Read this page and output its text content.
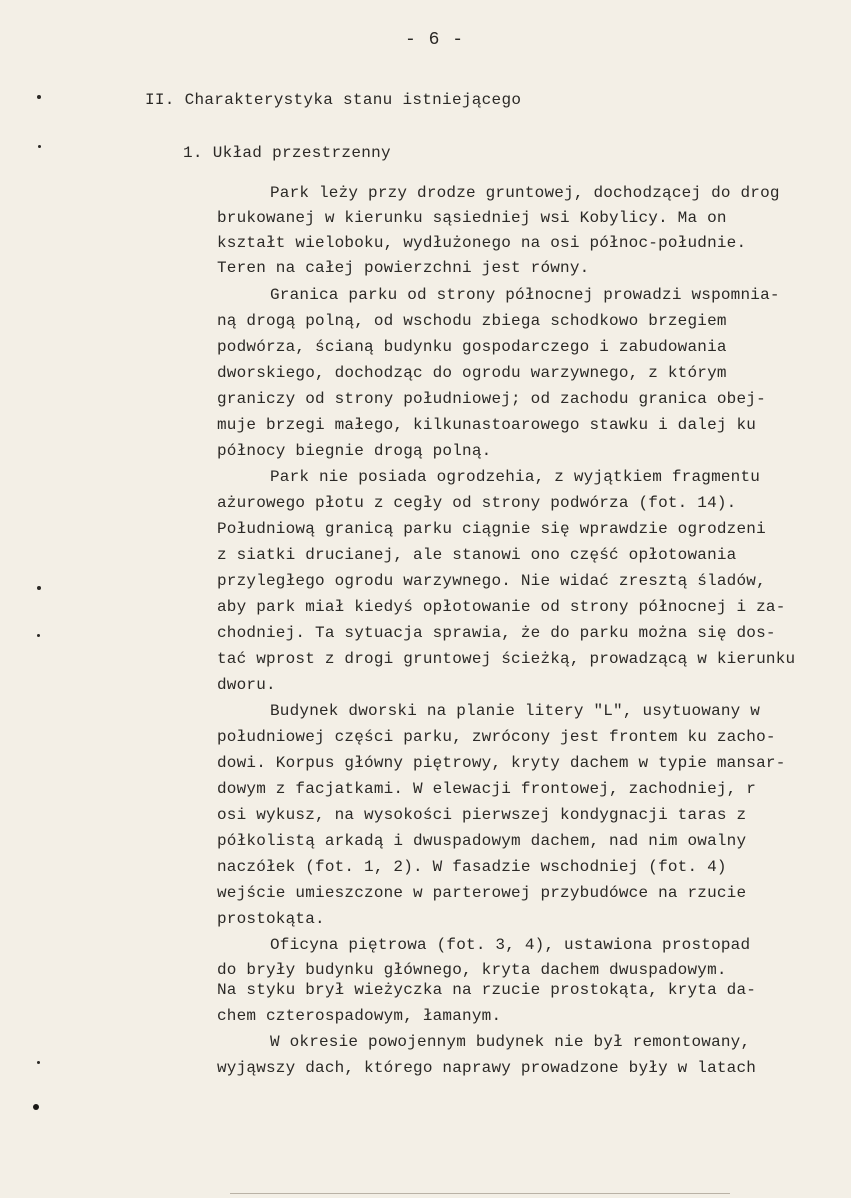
- 6 -
II. Charakterystyka stanu istniejącego
1. Układ przestrzenny
Park leży przy drodze gruntowej, dochodzącej do drog
brukowanej w kierunku sąsiedniej wsi Kobylicy. Ma on
kształt wieloboku, wydłużonego na osi północ-południe.
Teren na całej powierzchni jest równy.
Granica parku od strony północnej prowadzi wspomnia-
ną drogą polną, od wschodu zbiega schodkowo brzegiem
podwórza, ścianą budynku gospodarczego i zabudowania
dworskiego, dochodząc do ogrodu warzywnego, z którym
graniczy od strony południowej; od zachodu granica obej-
muje brzegi małego, kilkunastoarowego stawku i dalej ku
północy biegnie drogą polną.
Park nie posiada ogrodzehia, z wyjątkiem fragmentu
ażurowego płotu z cegły od strony podwórza (fot. 14).
Południową granicą parku ciągnie się wprawdzie ogrodzeni
z siatki drucianej, ale stanowi ono część opłotowania
przyległego ogrodu warzywnego. Nie widać zresztą śladów,
aby park miał kiedyś opłotowanie od strony północnej i za-
chodniej. Ta sytuacja sprawia, że do parku można się dos-
tać wprost z drogi gruntowej ścieżką, prowadzącą w kierunku
dworu.
Budynek dworski na planie litery "L", usytuowany w
południowej części parku, zwrócony jest frontem ku zacho-
dowi. Korpus główny piętrowy, kryty dachem w typie mansar-
dowym z facjatkami. W elewacji frontowej, zachodniej, r
osi wykusz, na wysokości pierwszej kondygnacji taras z
półkolistą arkadą i dwuspadowym dachem, nad nim owalny
naczółek (fot. 1, 2). W fasadzie wschodniej (fot. 4)
wejście umieszczone w parterowej przybudówce na rzucie
prostokąta.
Oficyna piętrowa (fot. 3, 4), ustawiona prostopad
do bryły budynku głównego, kryta dachem dwuspadowym.
Na styku brył wieżyczka na rzucie prostokąta, kryta da-
chem czterospadowym, łamanym.
W okresie powojennym budynek nie był remontowany,
wyjąwszy dach, którego naprawy prowadzone były w latach
